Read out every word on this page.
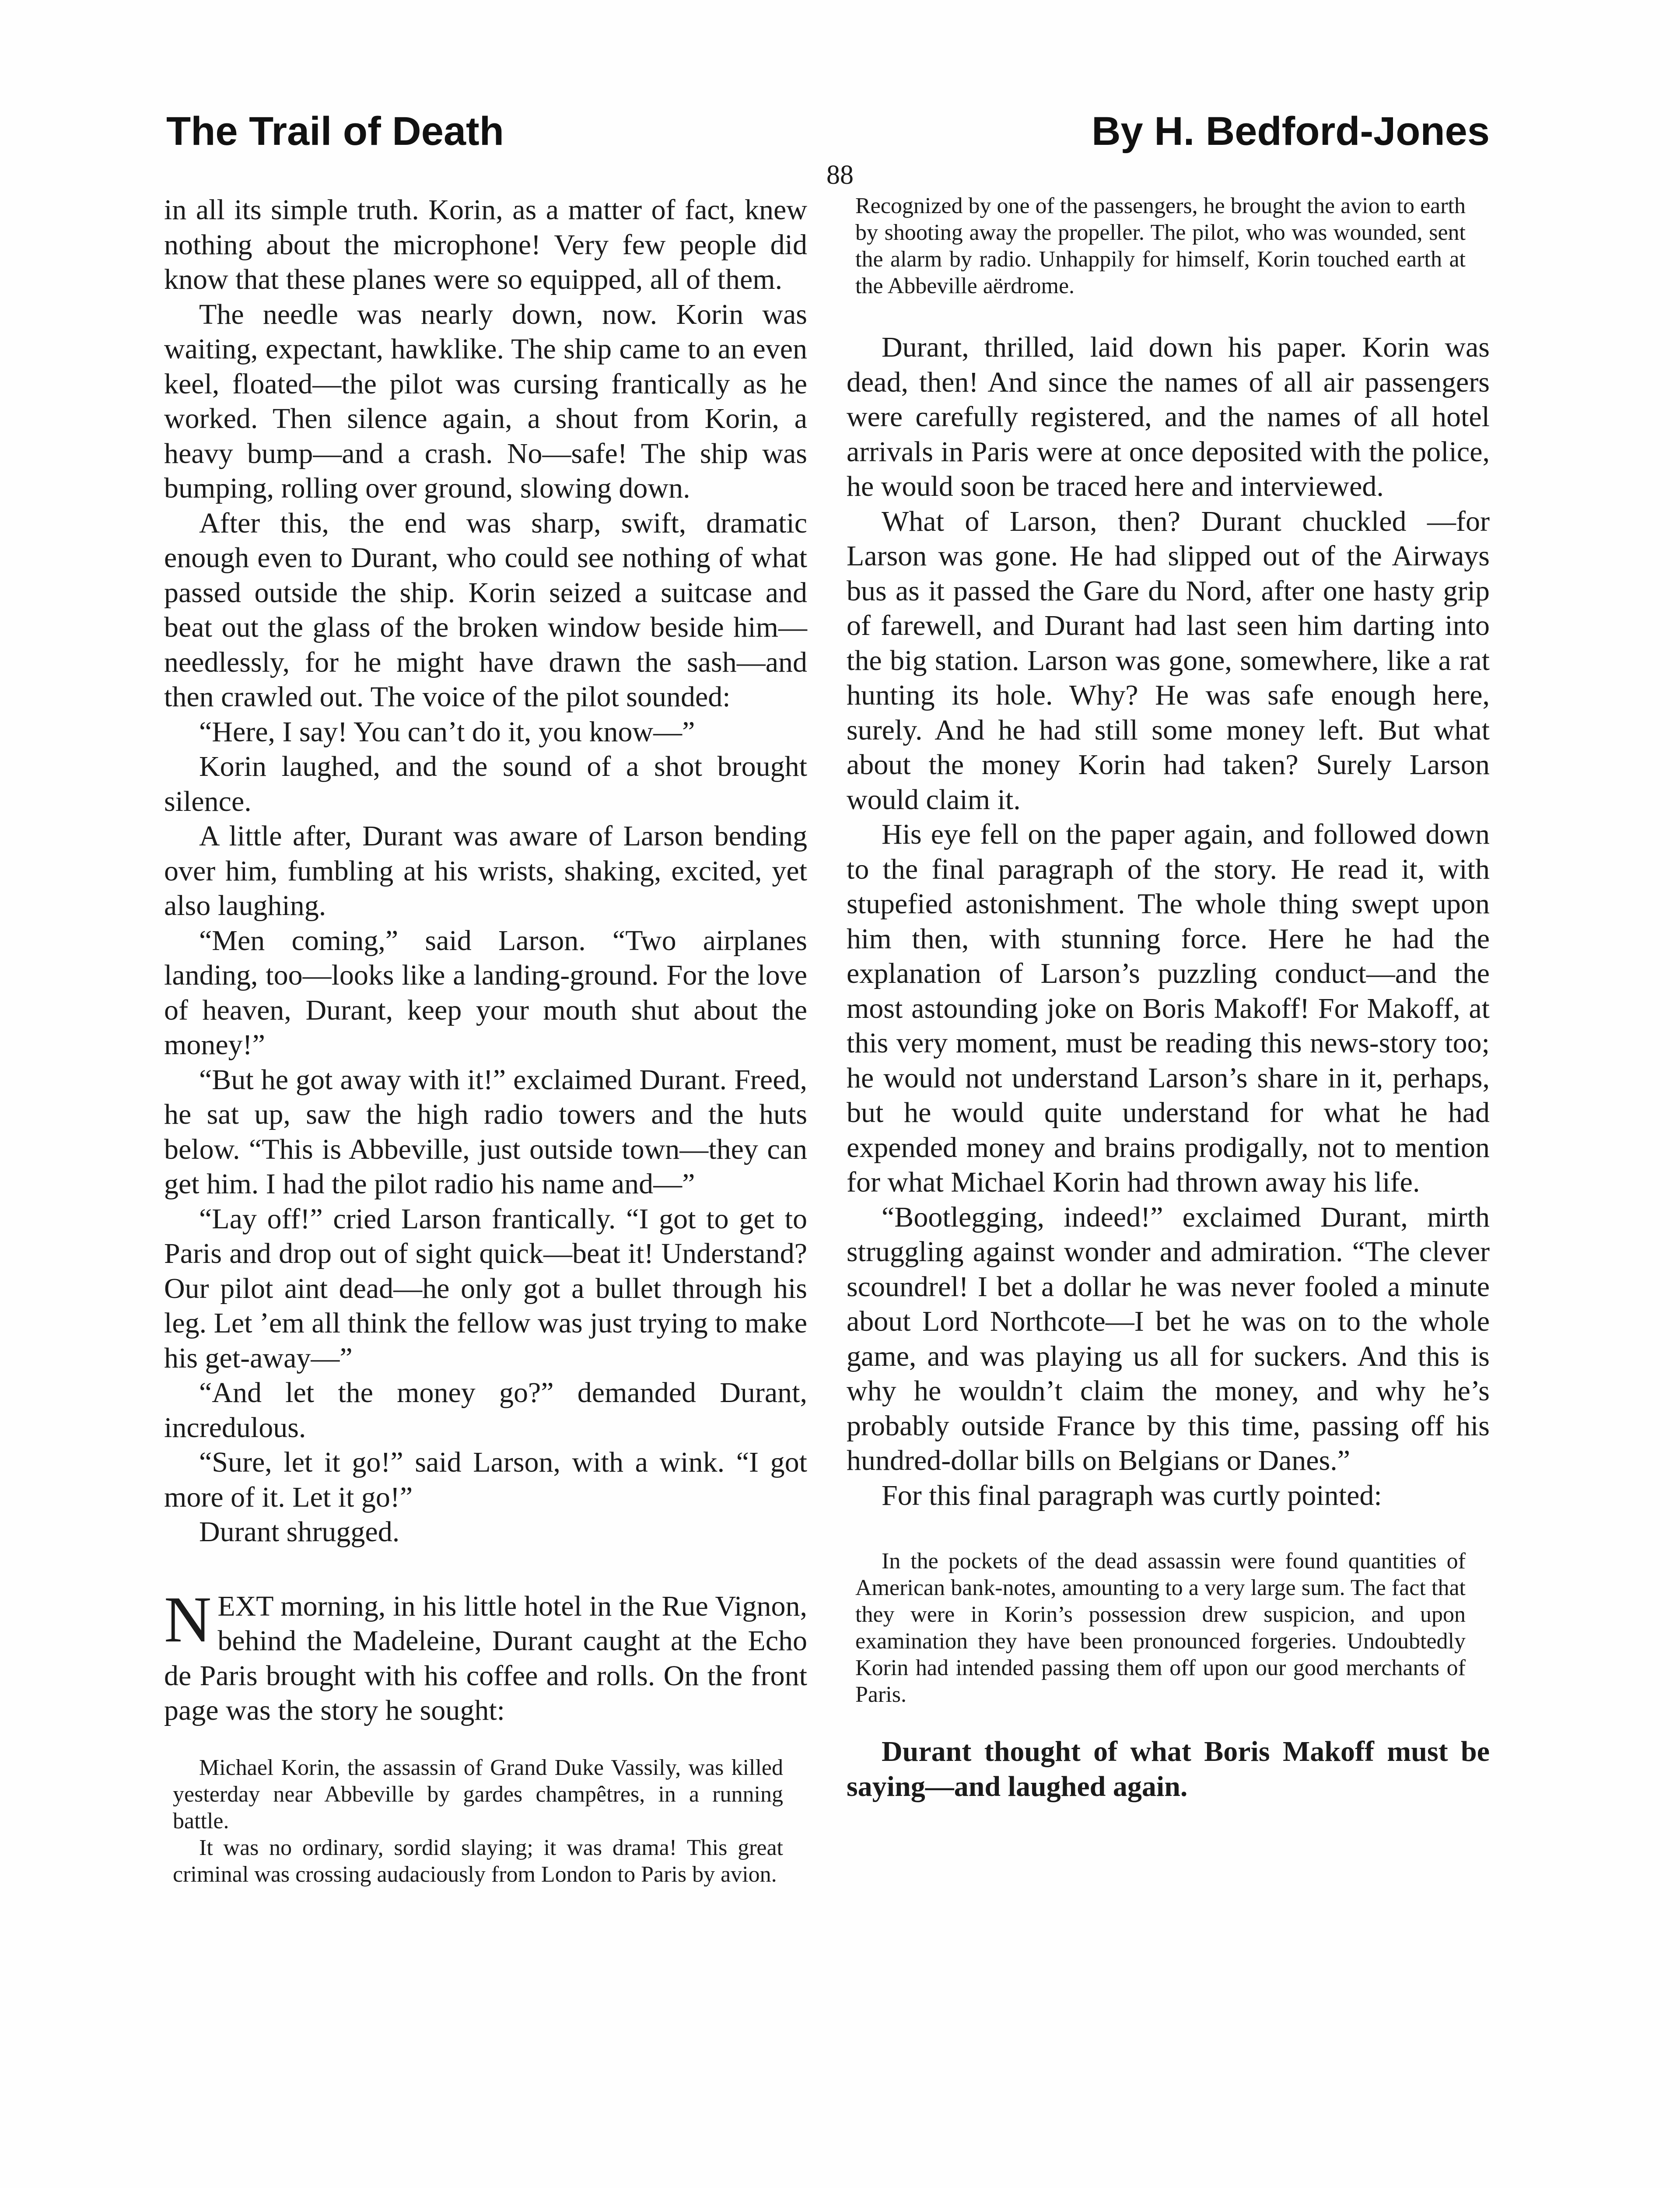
The Trail of Death	By H. Bedford-Jones
88

in all its simple truth. Korin, as a matter of fact, knew nothing about the microphone! Very few people did know that these planes were so equipped, all of them.

The needle was nearly down, now. Korin was waiting, expectant, hawklike. The ship came to an even keel, floated—the pilot was cursing frantically as he worked. Then silence again, a shout from Korin, a heavy bump—and a crash. No—safe! The ship was bumping, rolling over ground, slowing down.

After this, the end was sharp, swift, dramatic enough even to Durant, who could see nothing of what passed outside the ship. Korin seized a suitcase and beat out the glass of the broken window beside him—needlessly, for he might have drawn the sash—and then crawled out. The voice of the pilot sounded:

“Here, I say! You can’t do it, you know—”

Korin laughed, and the sound of a shot brought silence.

A little after, Durant was aware of Larson bending over him, fumbling at his wrists, shaking, excited, yet also laughing.

“Men coming,” said Larson. “Two airplanes landing, too—looks like a landing-ground. For the love of heaven, Durant, keep your mouth shut about the money!”

“But he got away with it!” exclaimed Durant. Freed, he sat up, saw the high radio towers and the huts below. “This is Abbeville, just outside town—they can get him. I had the pilot radio his name and—”

“Lay off!” cried Larson frantically. “I got to get to Paris and drop out of sight quick—beat it! Understand? Our pilot aint dead—he only got a bullet through his leg. Let ’em all think the fellow was just trying to make his get-away—”

“And let the money go?” demanded Durant, incredulous.

“Sure, let it go!” said Larson, with a wink. “I got more of it. Let it go!”

Durant shrugged.

NEXT morning, in his little hotel in the Rue Vignon, behind the Madeleine, Durant caught at the Echo de Paris brought with his coffee and rolls. On the front page was the story he sought:

Michael Korin, the assassin of Grand Duke Vassily, was killed yesterday near Abbeville by gardes champêtres, in a running battle.

It was no ordinary, sordid slaying; it was drama! This great criminal was crossing audaciously from London to Paris by avion.

Recognized by one of the passengers, he brought the avion to earth by shooting away the propeller. The pilot, who was wounded, sent the alarm by radio. Unhappily for himself, Korin touched earth at the Abbeville aërdrome.

Durant, thrilled, laid down his paper. Korin was dead, then! And since the names of all air passengers were carefully registered, and the names of all hotel arrivals in Paris were at once deposited with the police, he would soon be traced here and interviewed.

What of Larson, then? Durant chuckled —for Larson was gone. He had slipped out of the Airways bus as it passed the Gare du Nord, after one hasty grip of farewell, and Durant had last seen him darting into the big station. Larson was gone, somewhere, like a rat hunting its hole. Why? He was safe enough here, surely. And he had still some money left. But what about the money Korin had taken? Surely Larson would claim it.

His eye fell on the paper again, and followed down to the final paragraph of the story. He read it, with stupefied astonishment. The whole thing swept upon him then, with stunning force. Here he had the explanation of Larson’s puzzling conduct—and the most astounding joke on Boris Makoff! For Makoff, at this very moment, must be reading this news-story too; he would not understand Larson’s share in it, perhaps, but he would quite understand for what he had expended money and brains prodigally, not to mention for what Michael Korin had thrown away his life.

“Bootlegging, indeed!” exclaimed Durant, mirth struggling against wonder and admiration. “The clever scoundrel! I bet a dollar he was never fooled a minute about Lord Northcote—I bet he was on to the whole game, and was playing us all for suckers. And this is why he wouldn’t claim the money, and why he’s probably outside France by this time, passing off his hundred-dollar bills on Belgians or Danes.”

For this final paragraph was curtly pointed:

In the pockets of the dead assassin were found quantities of American bank-notes, amounting to a very large sum. The fact that they were in Korin’s possession drew suspicion, and upon examination they have been pronounced forgeries. Undoubtedly Korin had intended passing them off upon our good merchants of Paris.

Durant thought of what Boris Makoff must be saying—and laughed again.
